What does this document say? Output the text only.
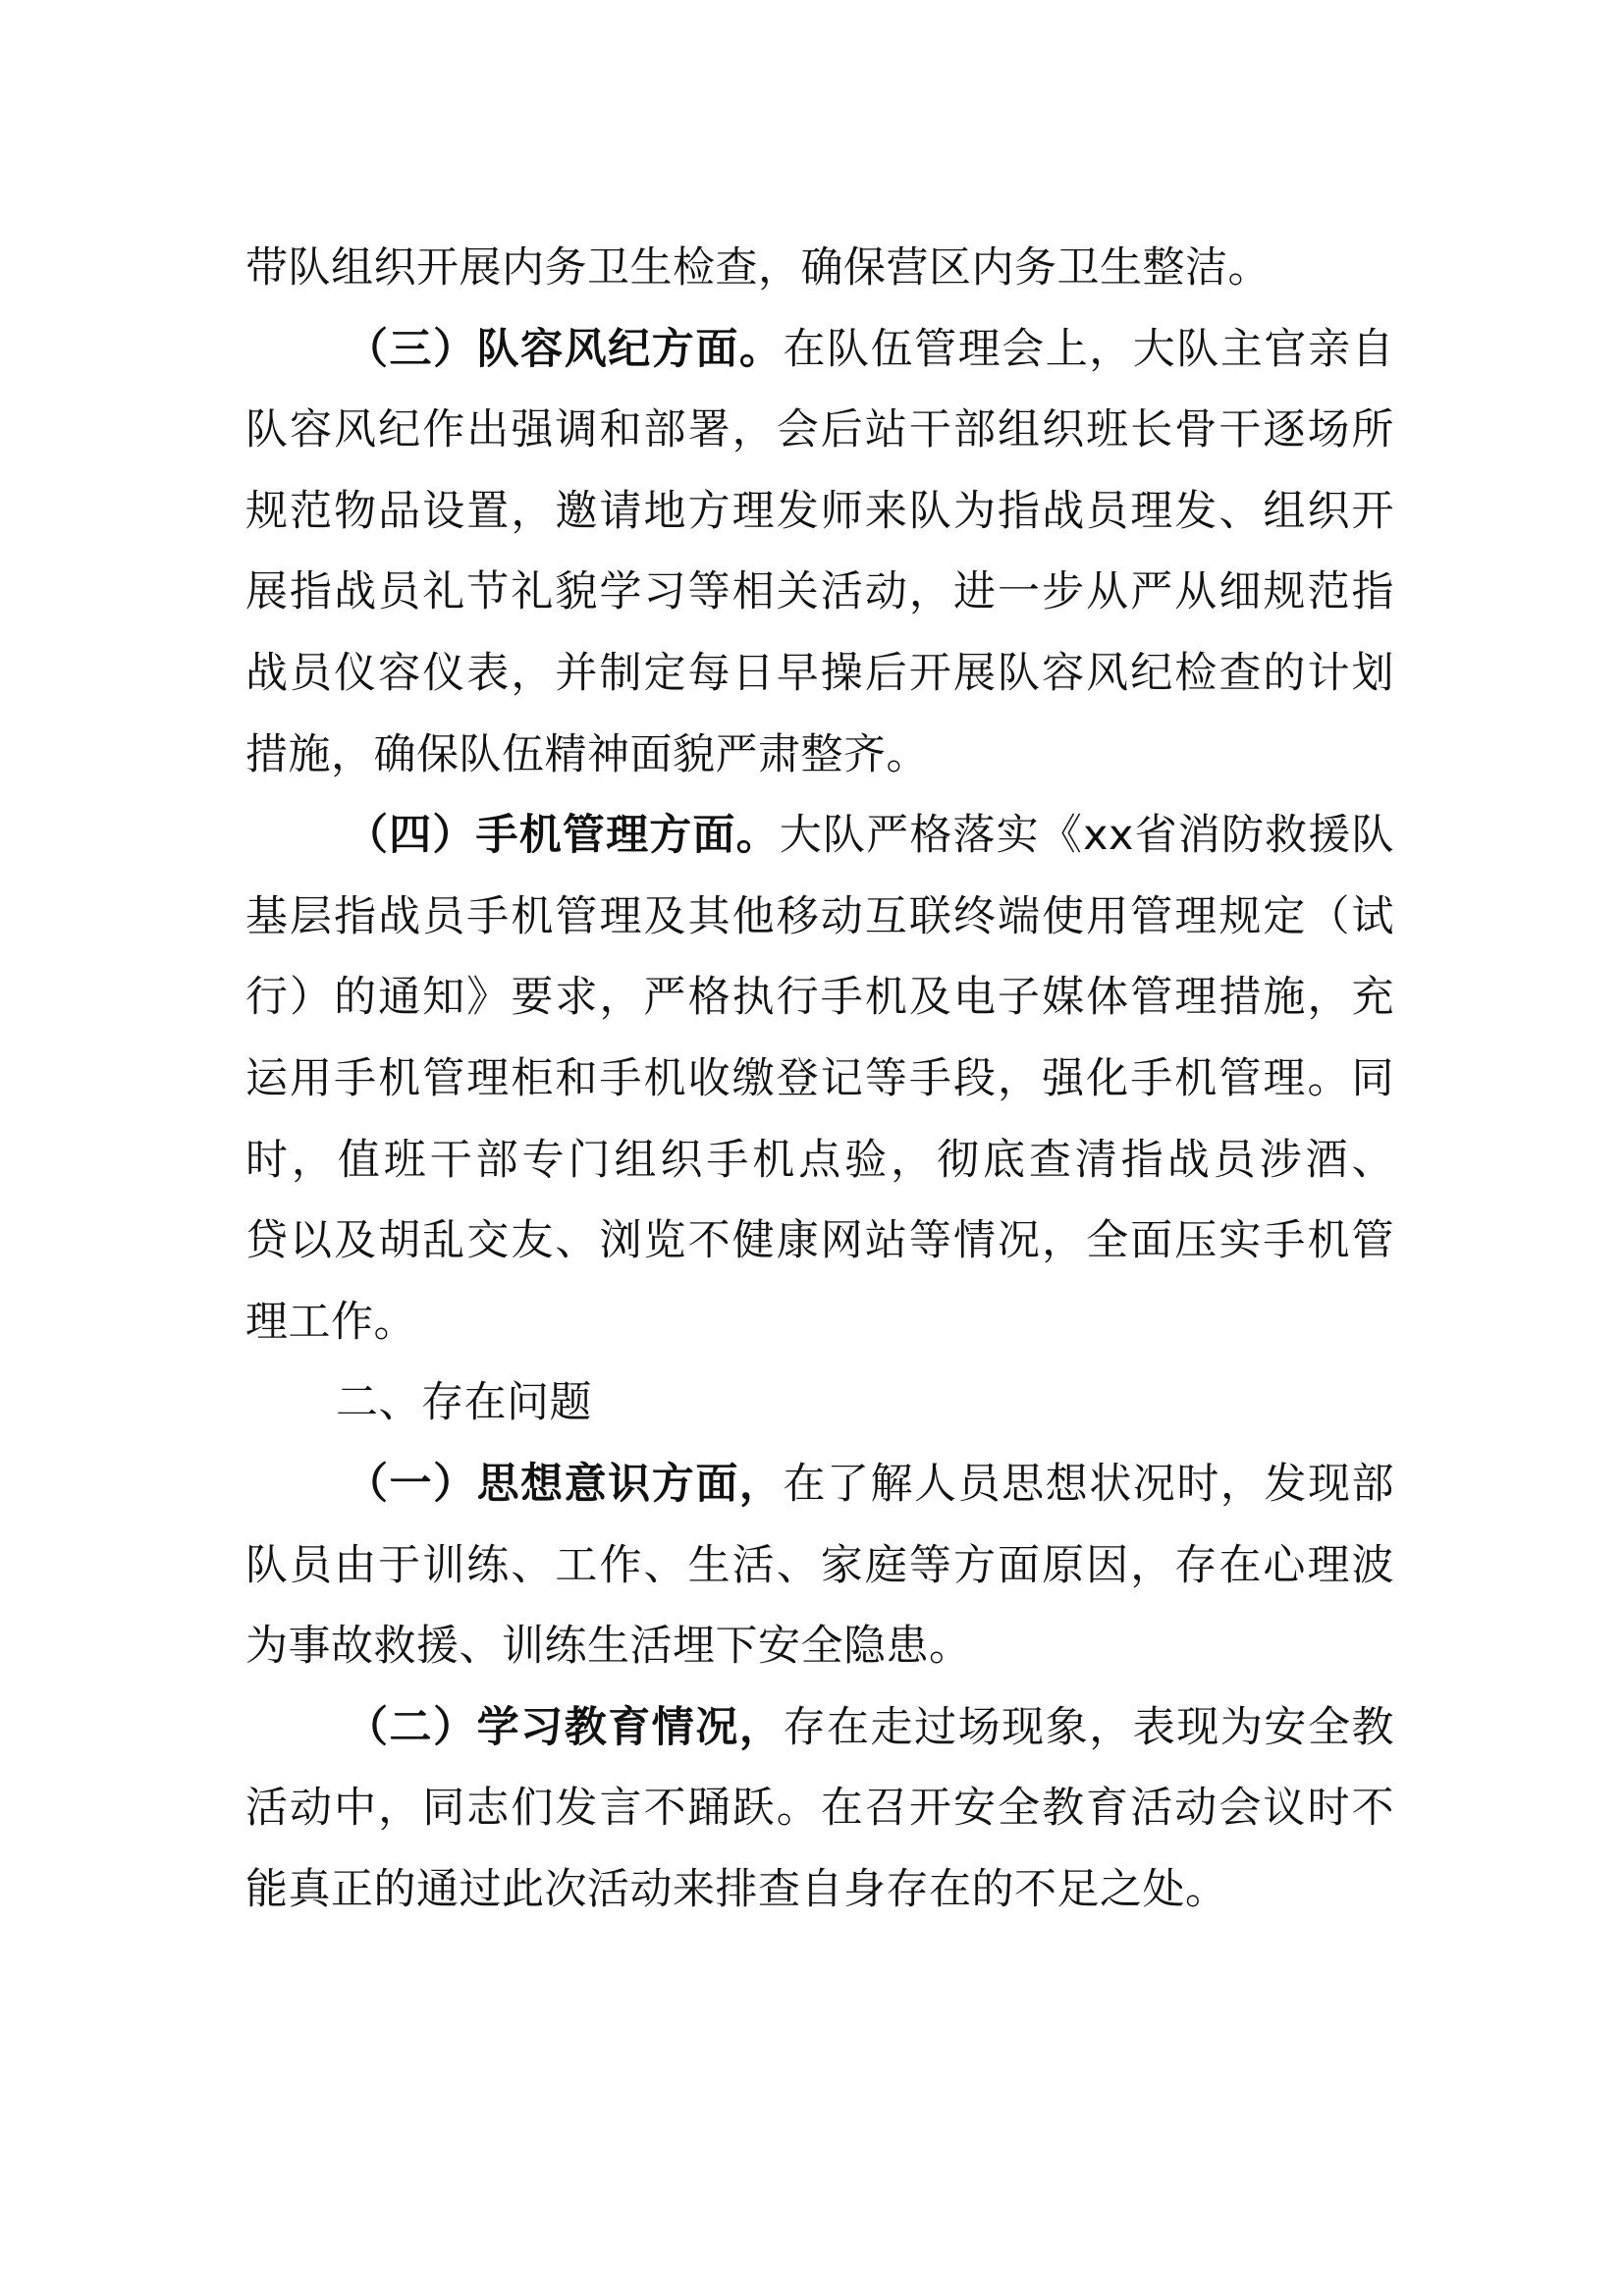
带队组织开展内务卫生检查，确保营区内务卫生整洁。
（三）队容风纪方面。在队伍管理会上，大队主官亲自
队容风纪作出强调和部署，会后站干部组织班长骨干逐场所
规范物品设置，邀请地方理发师来队为指战员理发、组织开
展指战员礼节礼貌学习等相关活动，进一步从严从细规范指
战员仪容仪表，并制定每日早操后开展队容风纪检查的计划
措施，确保队伍精神面貌严肃整齐。
（四）手机管理方面。大队严格落实《xx省消防救援队
基层指战员手机管理及其他移动互联终端使用管理规定（试
行）的通知》要求，严格执行手机及电子媒体管理措施，充
运用手机管理柜和手机收缴登记等手段，强化手机管理。同
时，值班干部专门组织手机点验，彻底查清指战员涉酒、
贷以及胡乱交友、浏览不健康网站等情况，全面压实手机管
理工作。
二、存在问题
（一）思想意识方面，在了解人员思想状况时，发现部
队员由于训练、工作、生活、家庭等方面原因，存在心理波
为事故救援、训练生活埋下安全隐患。
（二）学习教育情况，存在走过场现象，表现为安全教
活动中，同志们发言不踊跃。在召开安全教育活动会议时不
能真正的通过此次活动来排查自身存在的不足之处。
